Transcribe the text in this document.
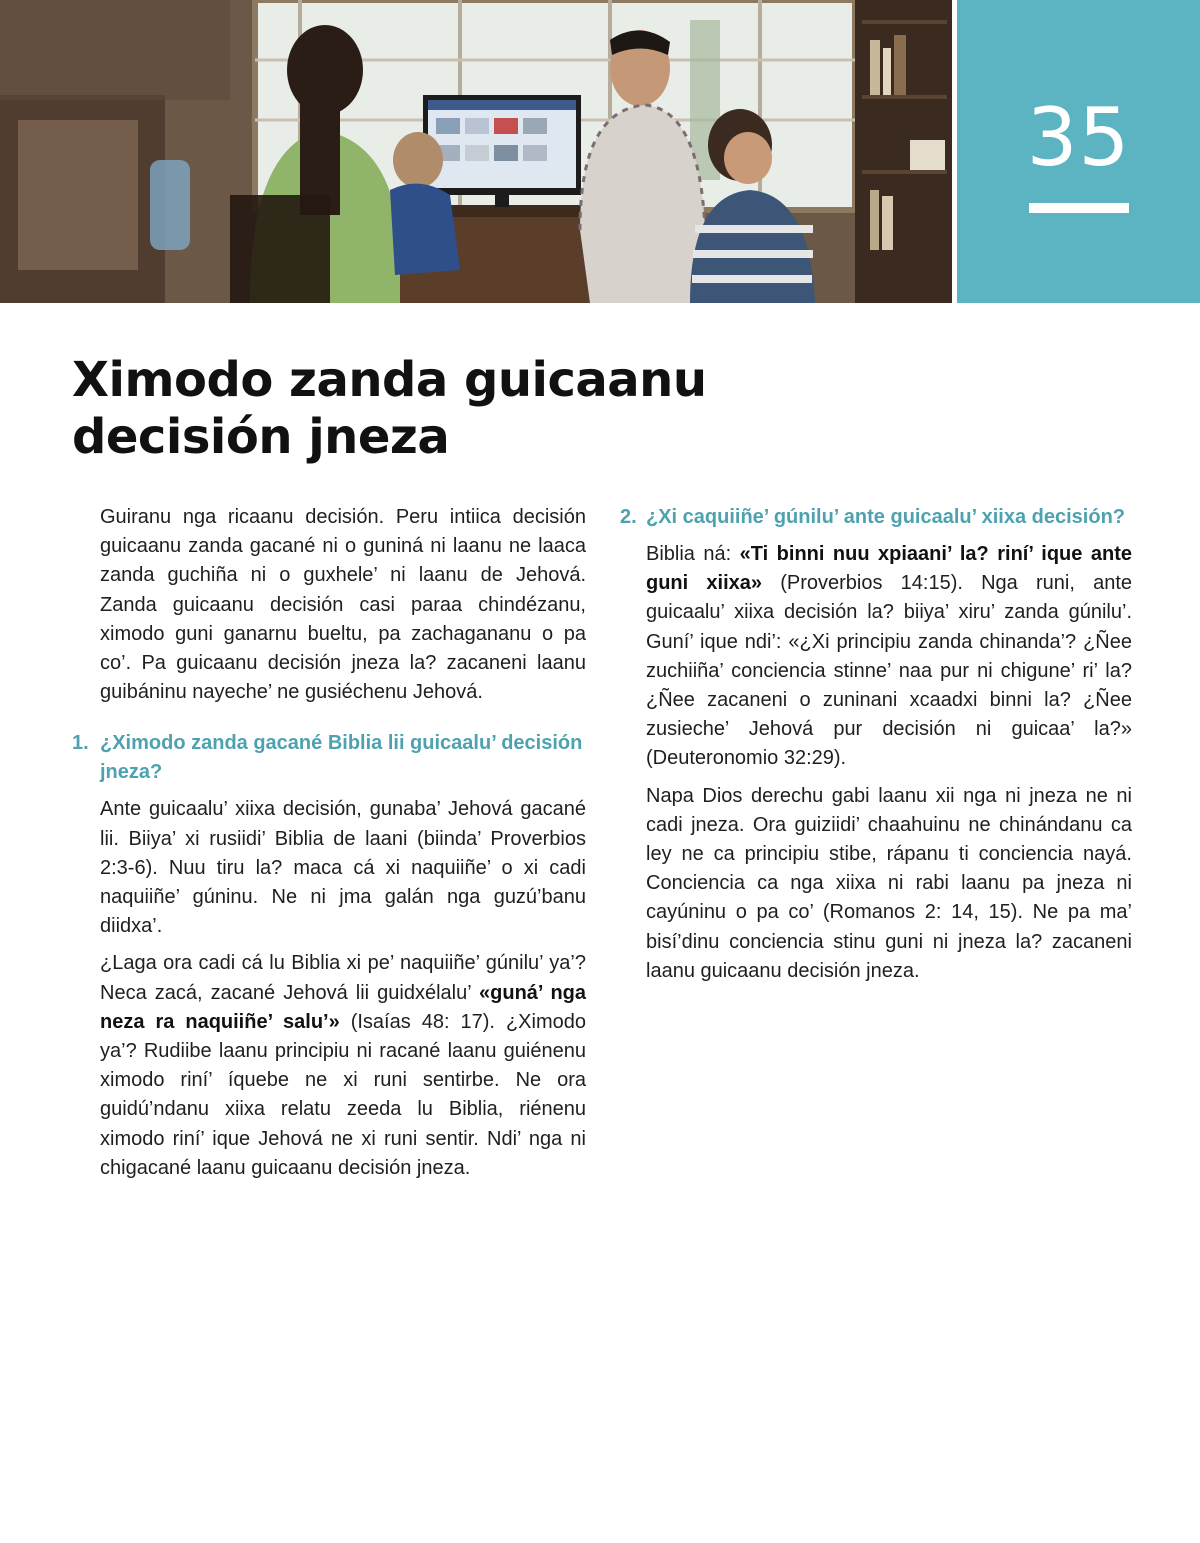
35
Ximodo zanda guicaanu decisión jneza

Guiranu nga ricaanu decisión. Peru intiica decisión guicaanu zanda gacané ni o guniná ni laanu ne laaca zanda guchiña ni o guxhele’ ni laanu de Jehová. Zanda guicaanu decisión casi paraa chindézanu, ximodo guni ganarnu bueltu, pa zachagananu o pa co’. Pa guicaanu decisión jneza la? zacaneni laanu guibáninu nayeche’ ne gusiéchenu Jehová.

1. ¿Ximodo zanda gacané Biblia lii guicaalu’ decisión jneza?

Ante guicaalu’ xiixa decisión, gunaba’ Jehová gacané lii. Biiya’ xi rusiidi’ Biblia de laani (biinda’ Proverbios 2:3-6). Nuu tiru la? maca cá xi naquiiñe’ o xi cadi naquiiñe’ gúninu. Ne ni jma galán nga guzú’banu diidxa’.

¿Laga ora cadi cá lu Biblia xi pe’ naquiiñe’ gúnilu’ ya’? Neca zacá, zacané Jehová lii guidxélalu’ «guná’ nga neza ra naquiiñe’ salu’» (Isaías 48: 17). ¿Ximodo ya’? Rudiibe laanu principiu ni racané laanu guiénenu ximodo riní’ íquebe ne xi runi sentirbe. Ne ora guidú’ndanu xiixa relatu zeeda lu Biblia, riénenu ximodo riní’ ique Jehová ne xi runi sentir. Ndi’ nga ni chigacané laanu guicaanu decisión jneza.

2. ¿Xi caquiiñe’ gúnilu’ ante guicaalu’ xiixa decisión?

Biblia ná: «Ti binni nuu xpiaani’ la? riní’ ique ante guni xiixa» (Proverbios 14:15). Nga runi, ante guicaalu’ xiixa decisión la? biiya’ xiru’ zanda gúnilu’. Guní’ ique ndi’: «¿Xi principiu zanda chinanda’? ¿Ñee zuchiiña’ conciencia stinne’ naa pur ni chigune’ ri’ la? ¿Ñee zacaneni o zuninani xcaadxi binni la? ¿Ñee zusieche’ Jehová pur decisión ni guicaa’ la?» (Deuteronomio 32:29).

Napa Dios derechu gabi laanu xii nga ni jneza ne ni cadi jneza. Ora guiziidi’ chaahuinu ne chinándanu ca ley ne ca principiu stibe, rápanu ti conciencia nayá. Conciencia ca nga xiixa ni rabi laanu pa jneza ni cayúninu o pa co’ (Romanos 2: 14, 15). Ne pa ma’ bisí’dinu conciencia stinu guni ni jneza la? zacaneni laanu guicaanu decisión jneza.
